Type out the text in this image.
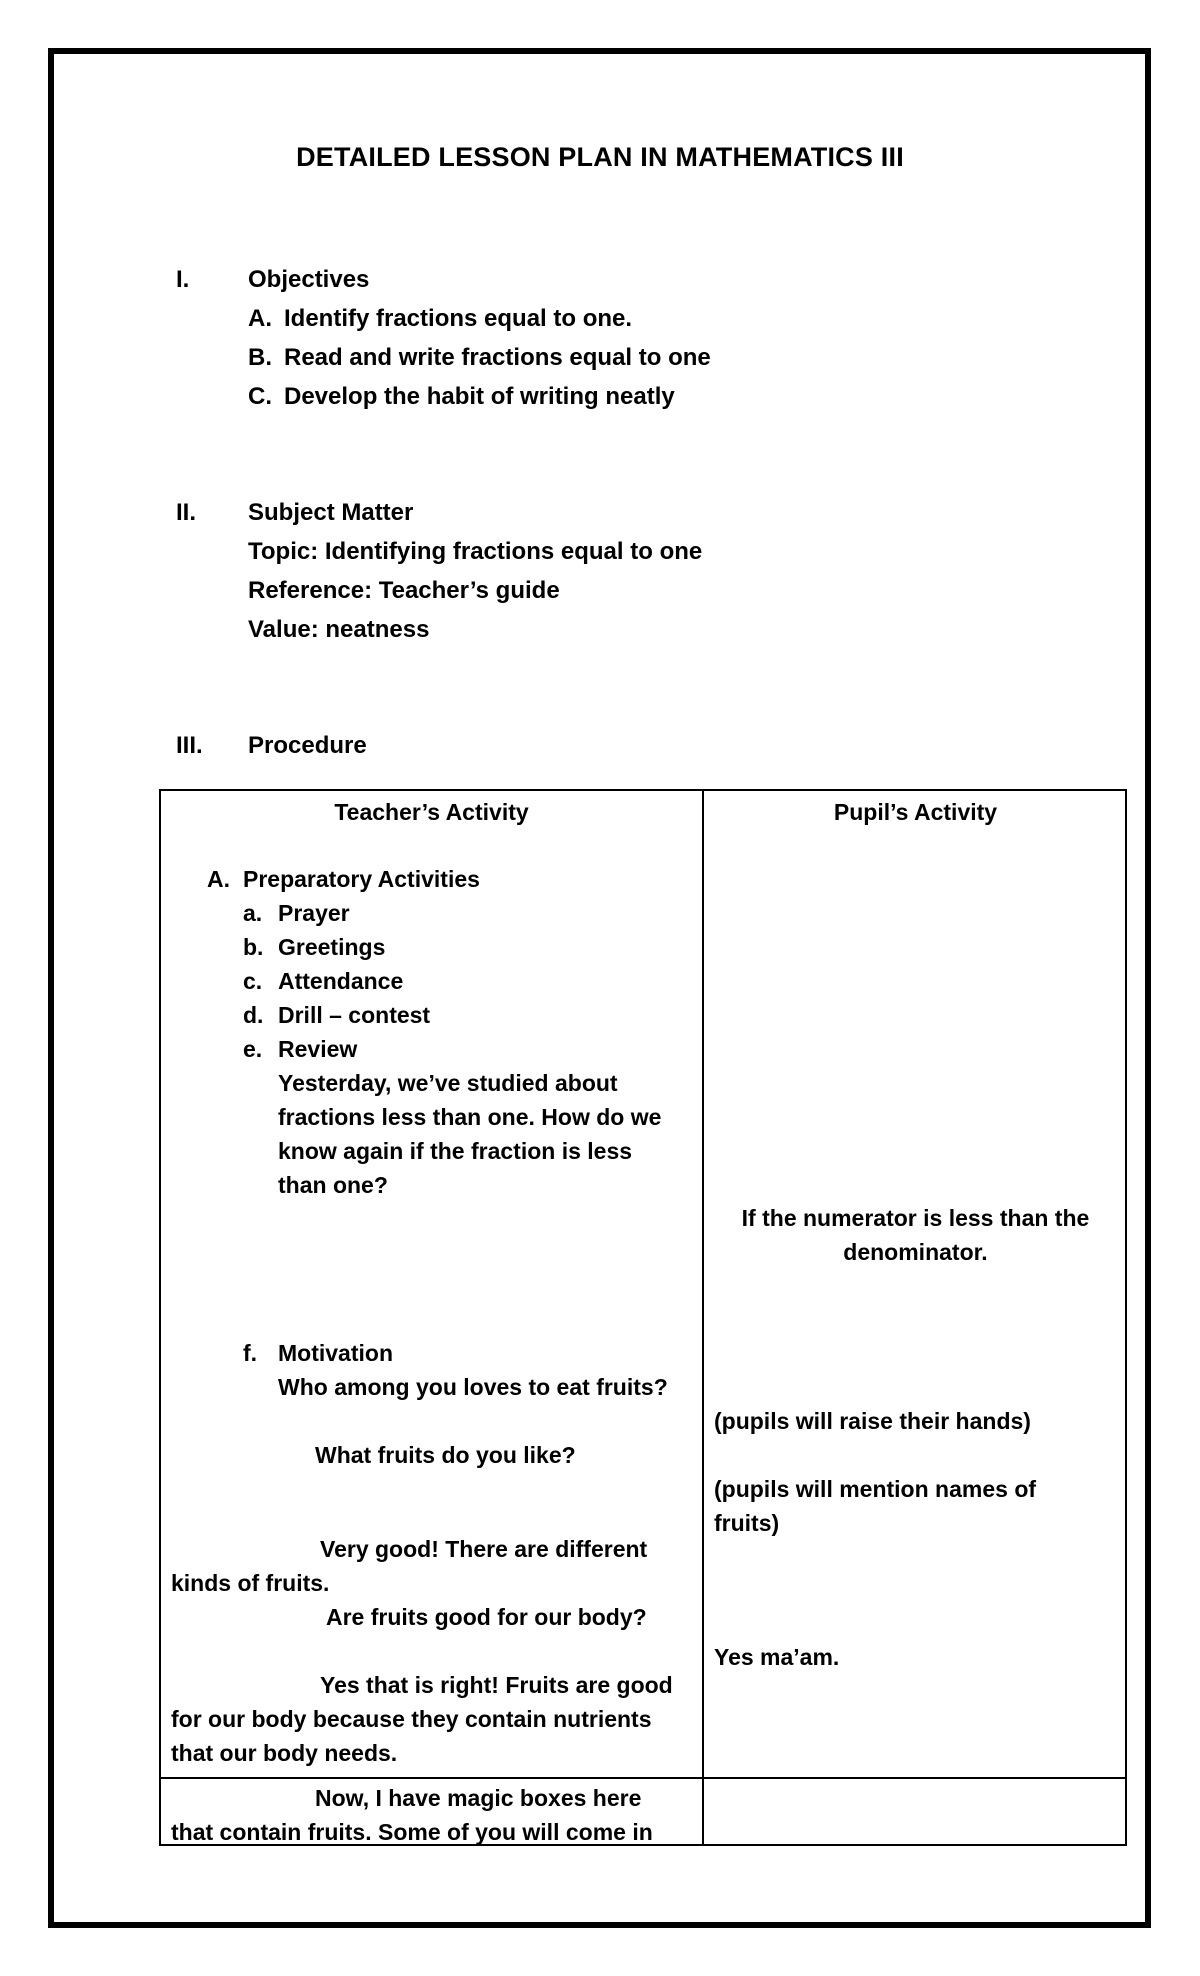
DETAILED LESSON PLAN IN MATHEMATICS III
I. Objectives
A. Identify fractions equal to one.
B. Read and write fractions equal to one
C. Develop the habit of writing neatly
II. Subject Matter
Topic: Identifying fractions equal to one
Reference: Teacher’s guide
Value: neatness
III. Procedure
Teacher’s Activity	Pupil’s Activity
A. Preparatory Activities
a. Prayer
b. Greetings
c. Attendance
d. Drill – contest
e. Review
Yesterday, we’ve studied about
fractions less than one. How do we
know again if the fraction is less
than one?
f. Motivation
Who among you loves to eat fruits?
What fruits do you like?
Very good! There are different
kinds of fruits.
Are fruits good for our body?
Yes that is right! Fruits are good
for our body because they contain nutrients
that our body needs.
Now, I have magic boxes here
that contain fruits. Some of you will come in
If the numerator is less than the
denominator.
(pupils will raise their hands)
(pupils will mention names of
fruits)
Yes ma’am.
